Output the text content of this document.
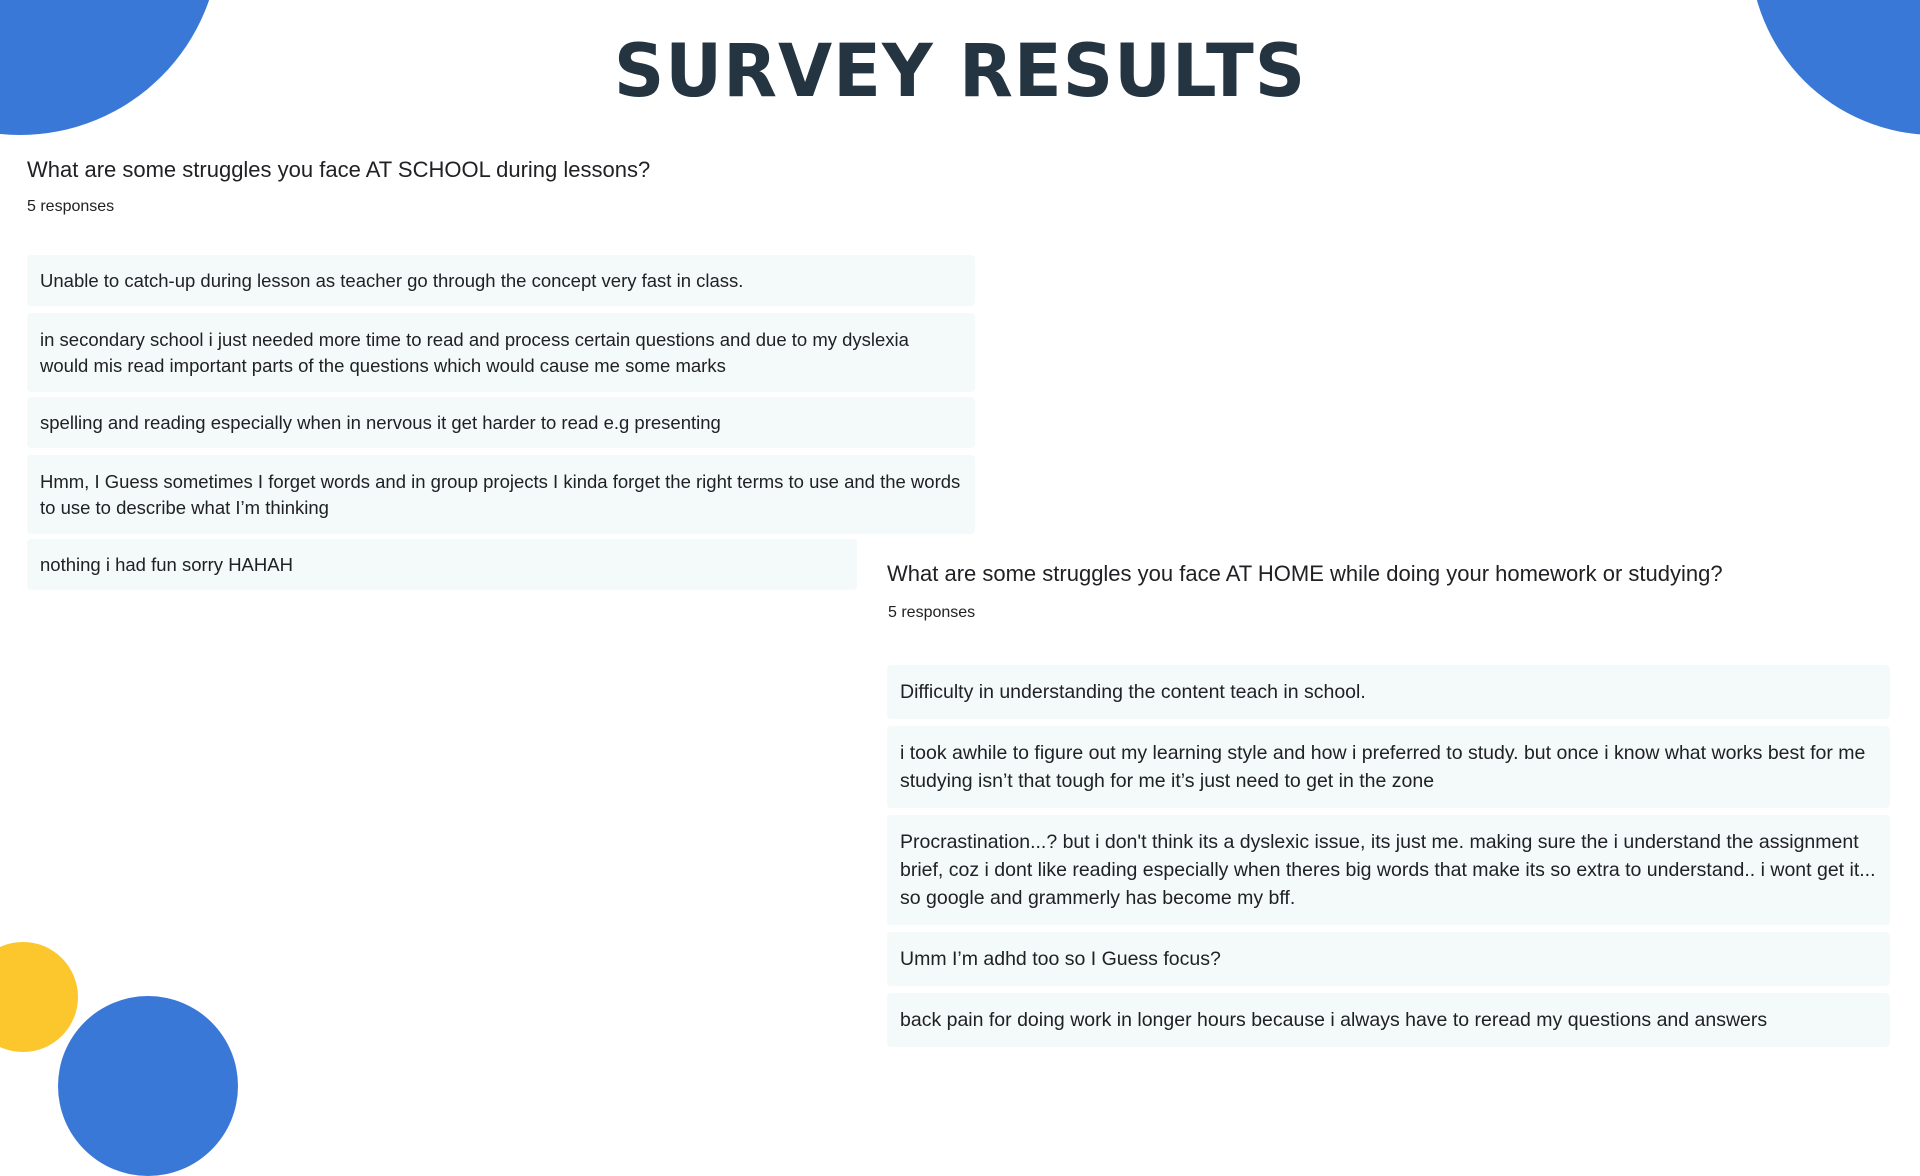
SURVEY RESULTS

What are some struggles you face AT SCHOOL during lessons?

5 responses

Unable to catch-up during lesson as teacher go through the concept very fast in class.
in secondary school i just needed more time to read and process certain questions and due to my dyslexia would mis read important parts of the questions which would cause me some marks
spelling and reading especially when in nervous it get harder to read e.g presenting
Hmm, I Guess sometimes I forget words and in group projects I kinda forget the right terms to use and the words to use to describe what I’m thinking
nothing i had fun sorry HAHAH	What are some struggles you face AT HOME while doing your homework or studying?

5 responses

Difficulty in understanding the content teach in school.
i took awhile to figure out my learning style and how i preferred to study. but once i know what works best for me studying isn’t that tough for me it’s just need to get in the zone
Procrastination...? but i don't think its a dyslexic issue, its just me. making sure the i understand the assignment brief, coz i dont like reading especially when theres big words that make its so extra to understand.. i wont get it... so google and grammerly has become my bff.
Umm I’m adhd too so I Guess focus?
back pain for doing work in longer hours because i always have to reread my questions and answers
